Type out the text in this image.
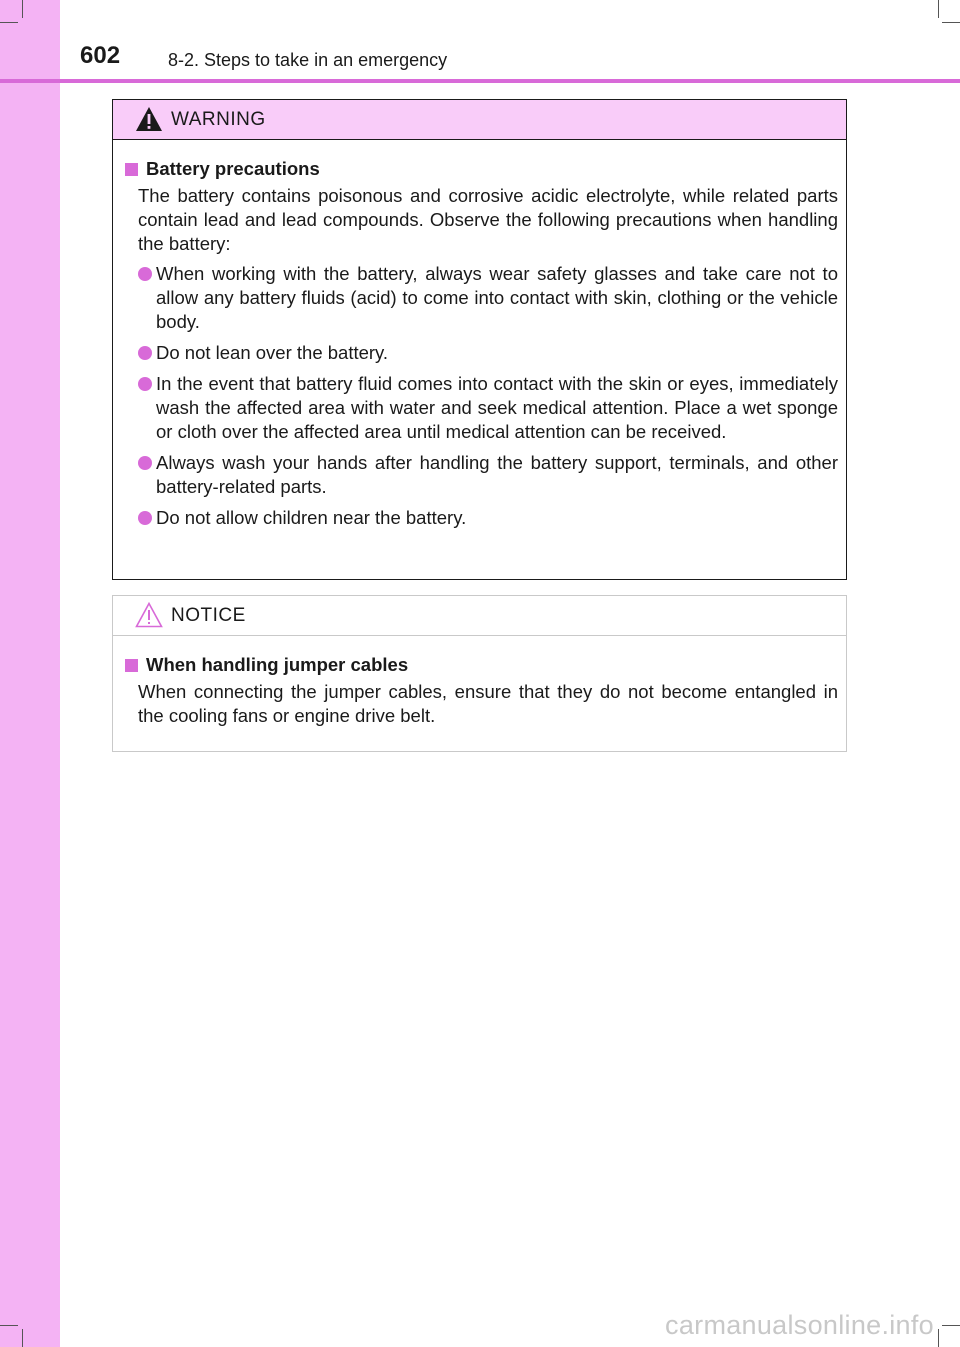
602	8-2. Steps to take in an emergency
WARNING
Battery precautions

The battery contains poisonous and corrosive acidic electrolyte, while related parts contain lead and lead compounds. Observe the following precautions when handling the battery:

When working with the battery, always wear safety glasses and take care not to allow any battery fluids (acid) to come into contact with skin, clothing or the vehicle body.
Do not lean over the battery.
In the event that battery fluid comes into contact with the skin or eyes, immediately wash the affected area with water and seek medical attention. Place a wet sponge or cloth over the affected area until medical attention can be received.
Always wash your hands after handling the battery support, terminals, and other battery-related parts.
Do not allow children near the battery.
NOTICE
When handling jumper cables

When connecting the jumper cables, ensure that they do not become entangled in the cooling fans or engine drive belt.

carmanualsonline.info
